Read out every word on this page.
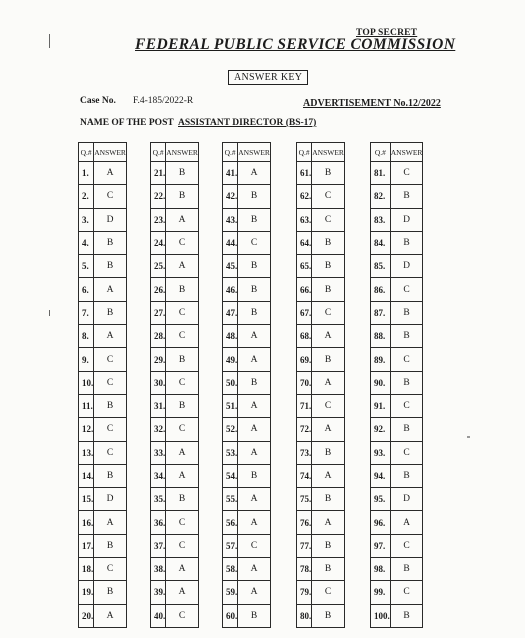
TOP SECRET
FEDERAL PUBLIC SERVICE COMMISSION
ANSWER KEY
Case No. F.4-185/2022-R	ADVERTISEMENT No.12/2022
NAME OF THE POST ASSISTANT DIRECTOR (BS-17)
Q.#	ANSWER
1.	A
2.	C
3.	D
4.	B
5.	B
6.	A
7.	B
8.	A
9.	C
10.	C
11.	B
12.	C
13.	C
14.	B
15.	D
16.	A
17.	B
18.	C
19.	B
20.	A
Q.#	ANSWER
21.	B
22.	B
23.	A
24.	C
25.	A
26.	B
27.	C
28.	C
29.	B
30.	C
31.	B
32.	C
33.	A
34.	A
35.	B
36.	C
37.	C
38.	A
39.	A
40.	C
Q.#	ANSWER
41.	A
42.	B
43.	B
44.	C
45.	B
46.	B
47.	B
48.	A
49.	A
50.	B
51.	A
52.	A
53.	A
54.	B
55.	A
56.	A
57.	C
58.	A
59.	A
60.	B
Q.#	ANSWER
61.	B
62.	C
63.	C
64.	B
65.	B
66.	B
67.	C
68.	A
69.	B
70.	A
71.	C
72.	A
73.	B
74.	A
75.	B
76.	A
77.	B
78.	B
79.	C
80.	B
Q.#	ANSWER
81.	C
82.	B
83.	D
84.	B
85.	D
86.	C
87.	B
88.	B
89.	C
90.	B
91.	C
92.	B
93.	C
94.	B
95.	D
96.	A
97.	C
98.	B
99.	C
100.	B
